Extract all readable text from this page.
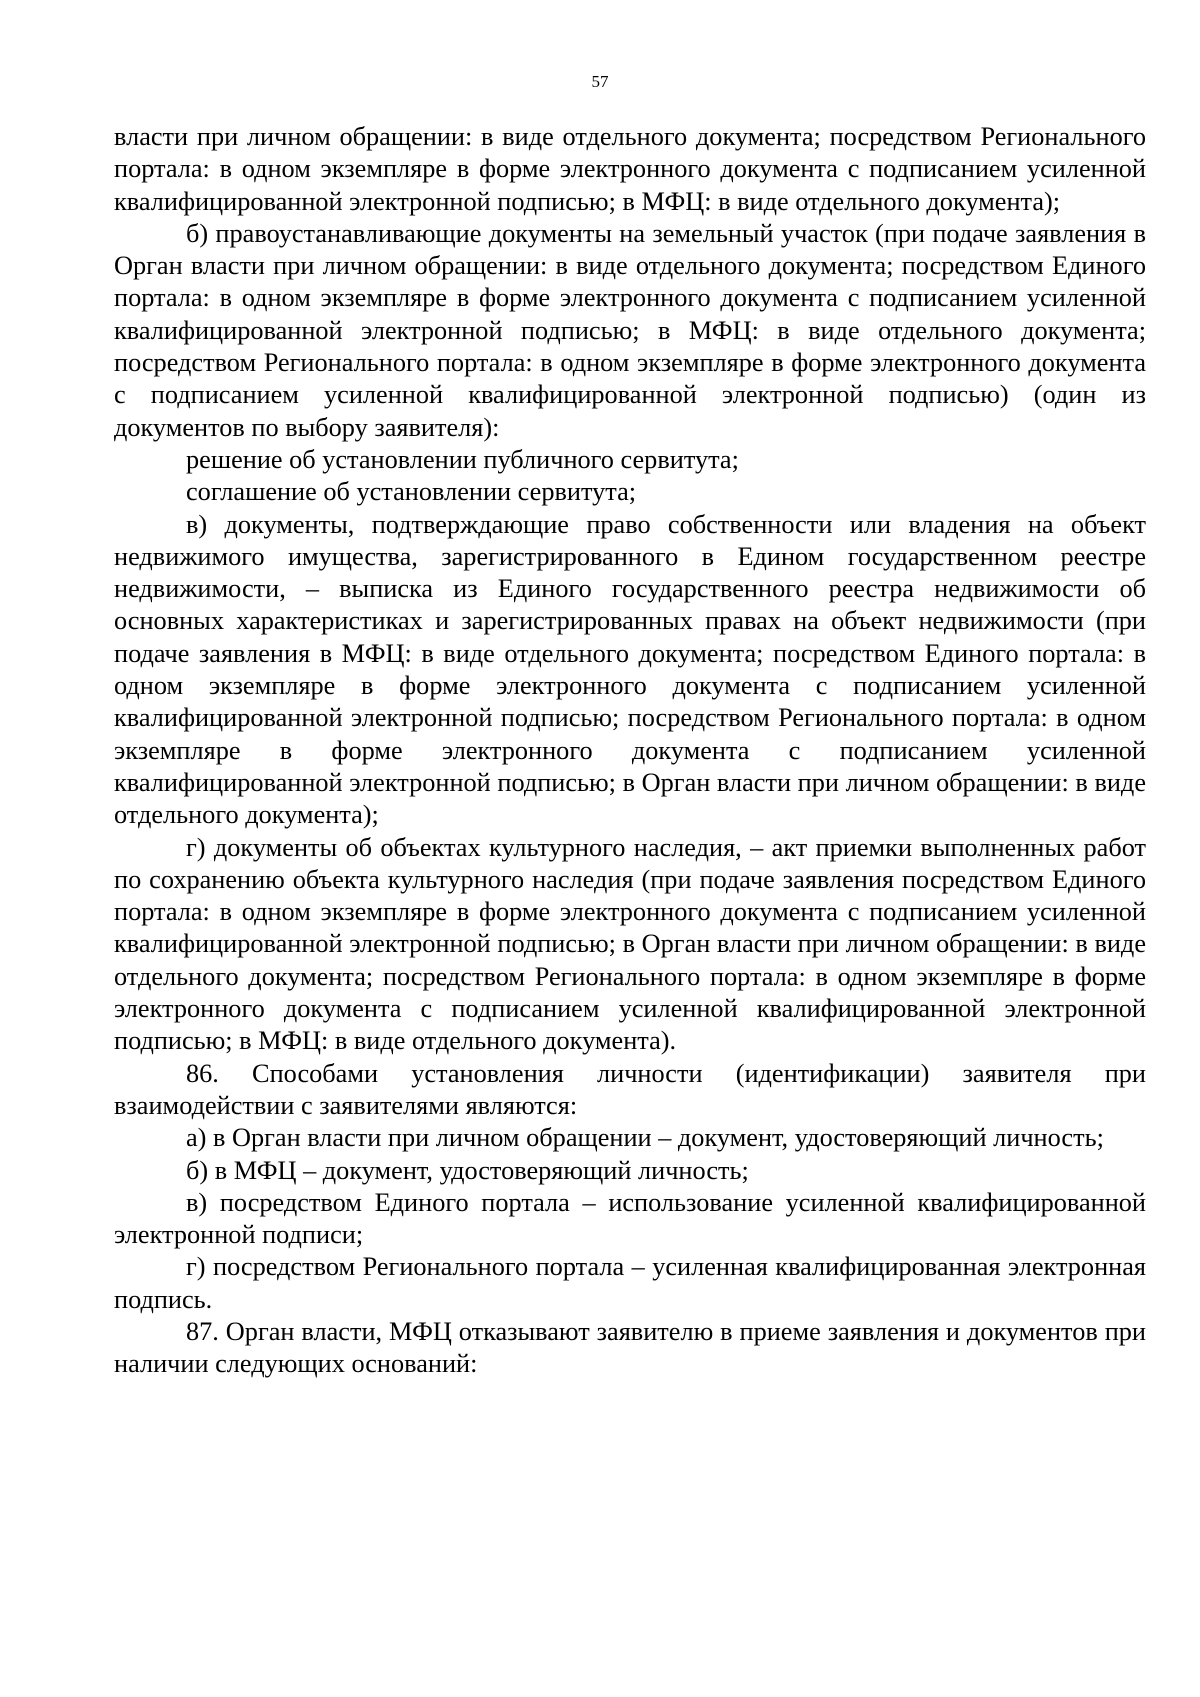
57

власти при личном обращении: в виде отдельного документа; посредством Регионального портала: в одном экземпляре в форме электронного документа с подписанием усиленной квалифицированной электронной подписью; в МФЦ: в виде отдельного документа);

б) правоустанавливающие документы на земельный участок (при подаче заявления в Орган власти при личном обращении: в виде отдельного документа; посредством Единого портала: в одном экземпляре в форме электронного документа с подписанием усиленной квалифицированной электронной подписью; в МФЦ: в виде отдельного документа; посредством Регионального портала: в одном экземпляре в форме электронного документа с подписанием усиленной квалифицированной электронной подписью) (один из документов по выбору заявителя):

решение об установлении публичного сервитута;

соглашение об установлении сервитута;

в) документы, подтверждающие право собственности или владения на объект недвижимого имущества, зарегистрированного в Едином государственном реестре недвижимости, – выписка из Единого государственного реестра недвижимости об основных характеристиках и зарегистрированных правах на объект недвижимости (при подаче заявления в МФЦ: в виде отдельного документа; посредством Единого портала: в одном экземпляре в форме электронного документа с подписанием усиленной квалифицированной электронной подписью; посредством Регионального портала: в одном экземпляре в форме электронного документа с подписанием усиленной квалифицированной электронной подписью; в Орган власти при личном обращении: в виде отдельного документа);

г) документы об объектах культурного наследия, – акт приемки выполненных работ по сохранению объекта культурного наследия (при подаче заявления посредством Единого портала: в одном экземпляре в форме электронного документа с подписанием усиленной квалифицированной электронной подписью; в Орган власти при личном обращении: в виде отдельного документа; посредством Регионального портала: в одном экземпляре в форме электронного документа с подписанием усиленной квалифицированной электронной подписью; в МФЦ: в виде отдельного документа).

86. Способами установления личности (идентификации) заявителя при взаимодействии с заявителями являются:

а) в Орган власти при личном обращении – документ, удостоверяющий личность;

б) в МФЦ – документ, удостоверяющий личность;

в) посредством Единого портала – использование усиленной квалифицированной электронной подписи;

г) посредством Регионального портала – усиленная квалифицированная электронная подпись.

87. Орган власти, МФЦ отказывают заявителю в приеме заявления и документов при наличии следующих оснований:
